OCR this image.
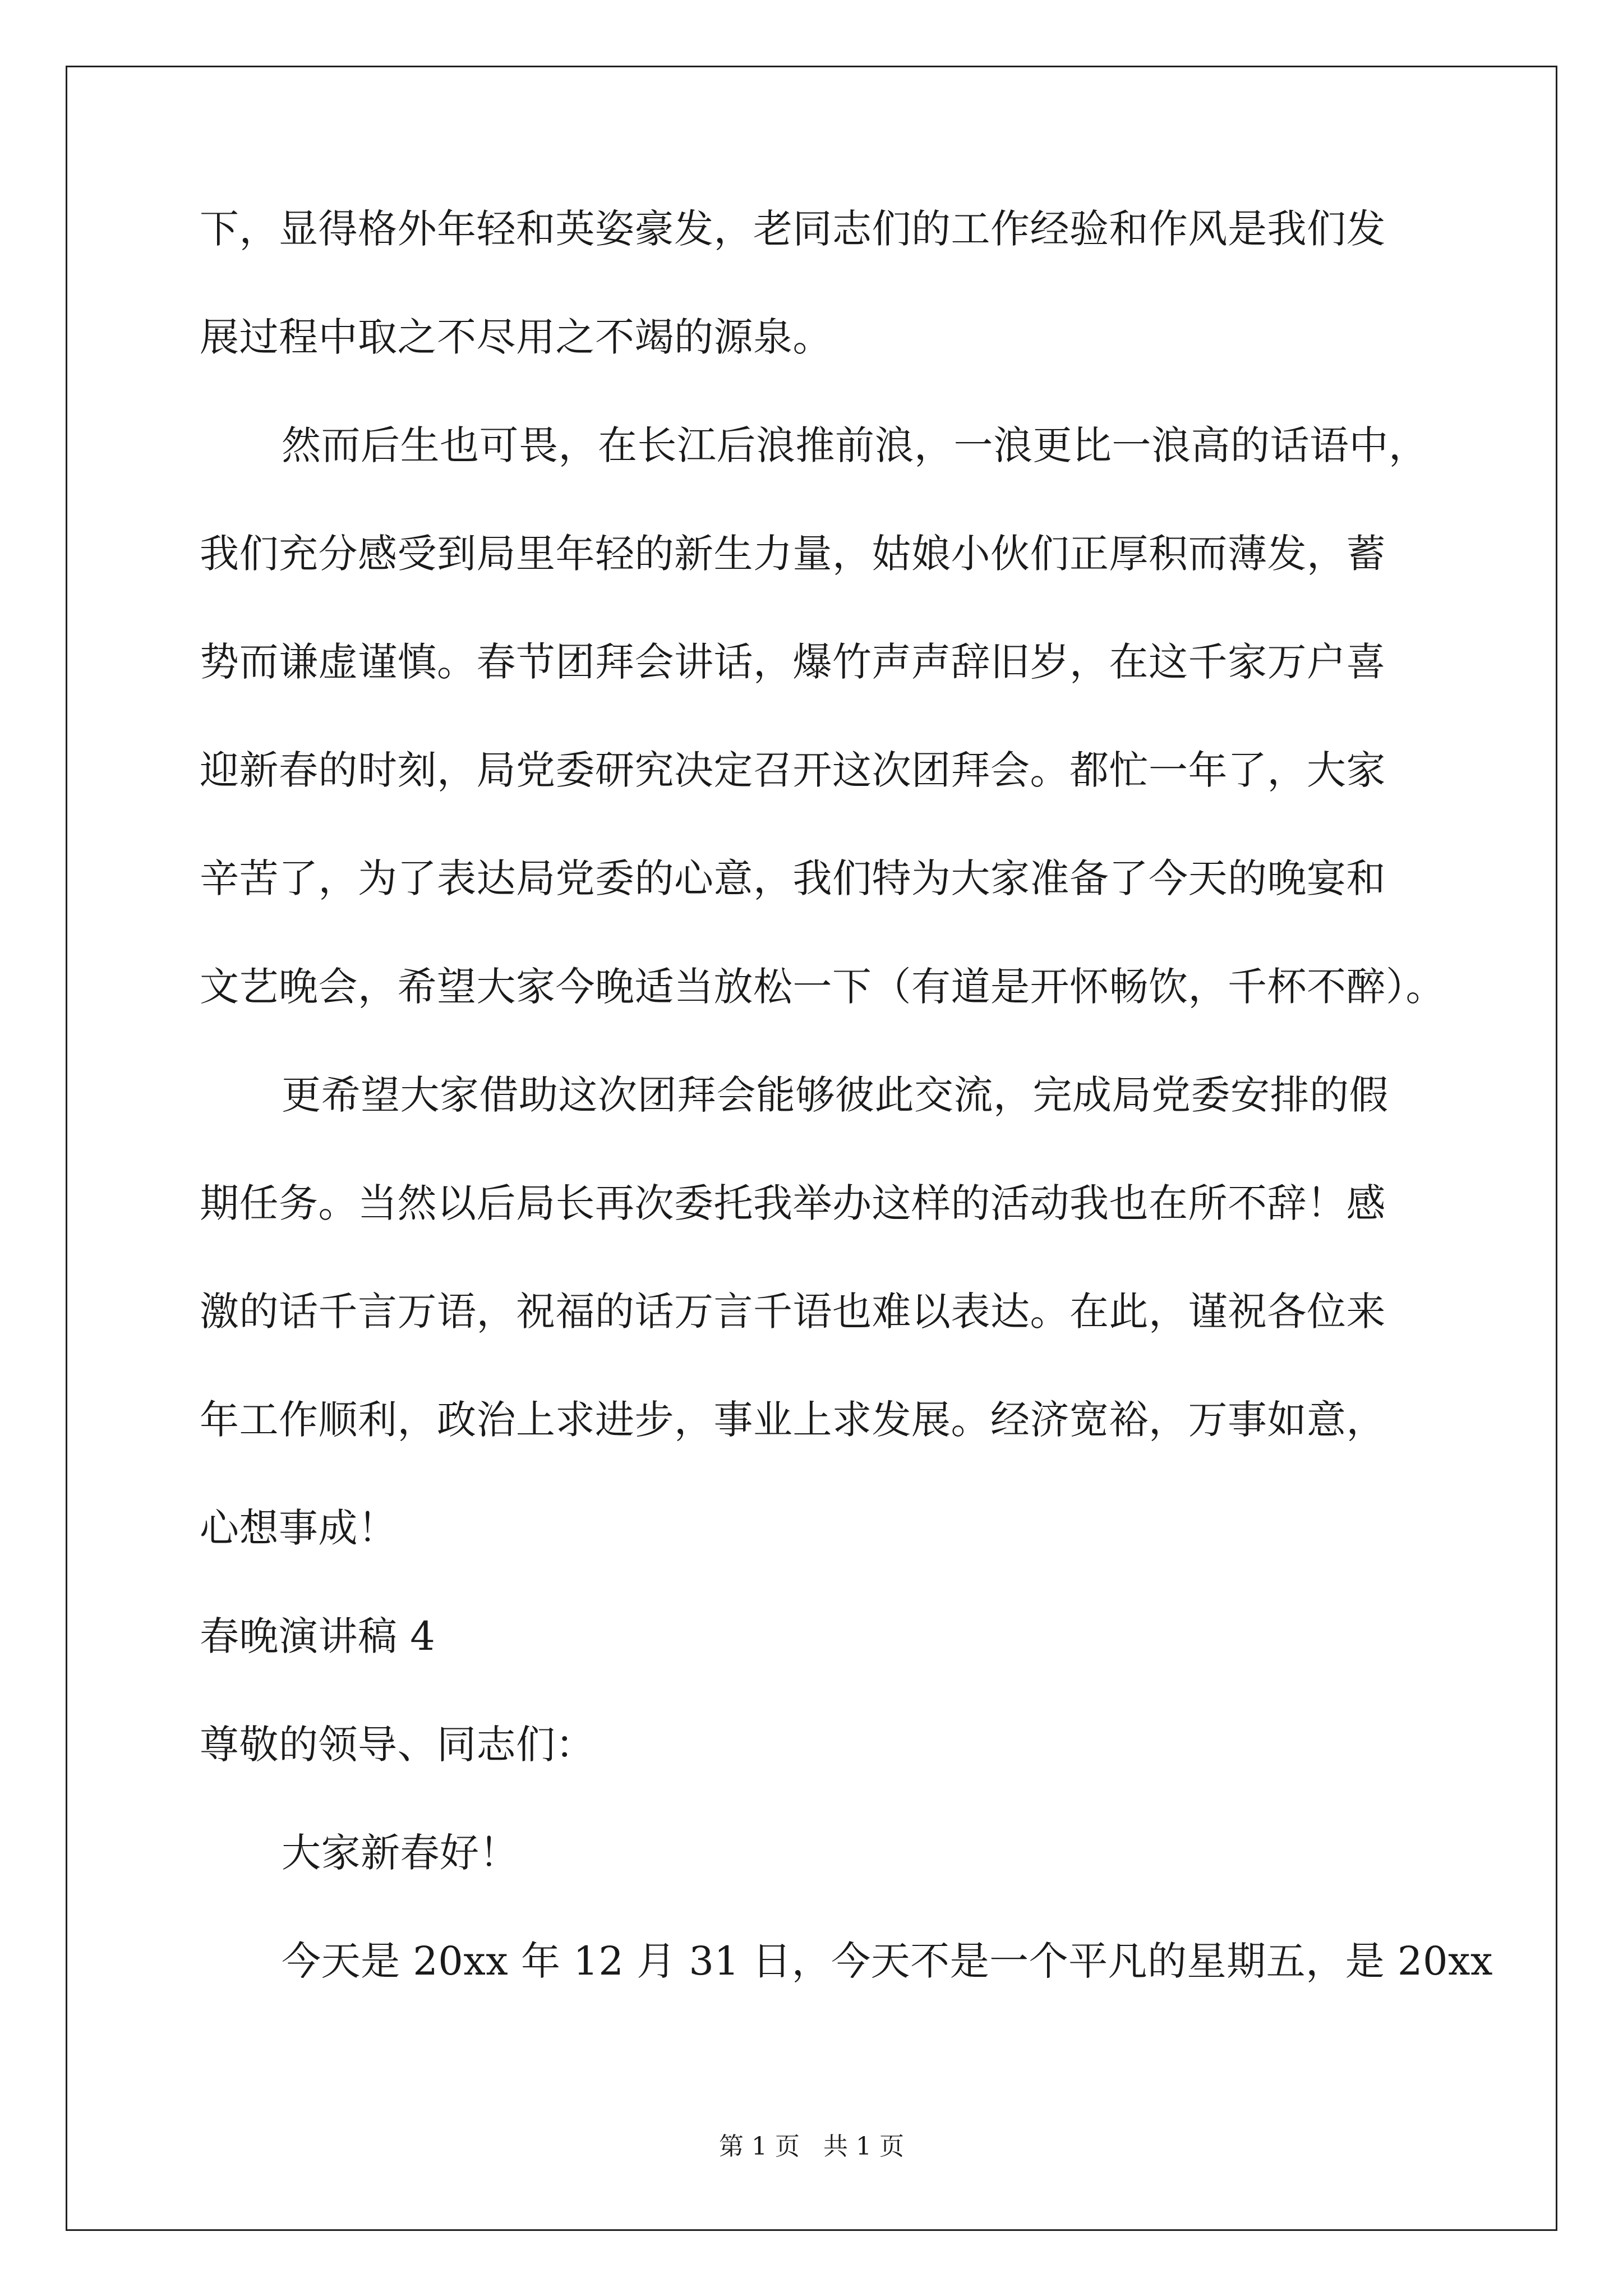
下，显得格外年轻和英姿豪发，老同志们的工作经验和作风是我们发
展过程中取之不尽用之不竭的源泉。
然而后生也可畏，在长江后浪推前浪，一浪更比一浪高的话语中，
我们充分感受到局里年轻的新生力量，姑娘小伙们正厚积而薄发，蓄
势而谦虚谨慎。春节团拜会讲话，爆竹声声辞旧岁，在这千家万户喜
迎新春的时刻，局党委研究决定召开这次团拜会。都忙一年了，大家
辛苦了，为了表达局党委的心意，我们特为大家准备了今天的晚宴和
文艺晚会，希望大家今晚适当放松一下（有道是开怀畅饮，千杯不醉）。
更希望大家借助这次团拜会能够彼此交流，完成局党委安排的假
期任务。当然以后局长再次委托我举办这样的活动我也在所不辞！感
激的话千言万语，祝福的话万言千语也难以表达。在此，谨祝各位来
年工作顺利，政治上求进步，事业上求发展。经济宽裕，万事如意，
心想事成！
春晚演讲稿 4
尊敬的领导、同志们：
大家新春好！
今天是 20xx 年 12 月 31 日，今天不是一个平凡的星期五，是 20xx
第 1 页   共 1 页
